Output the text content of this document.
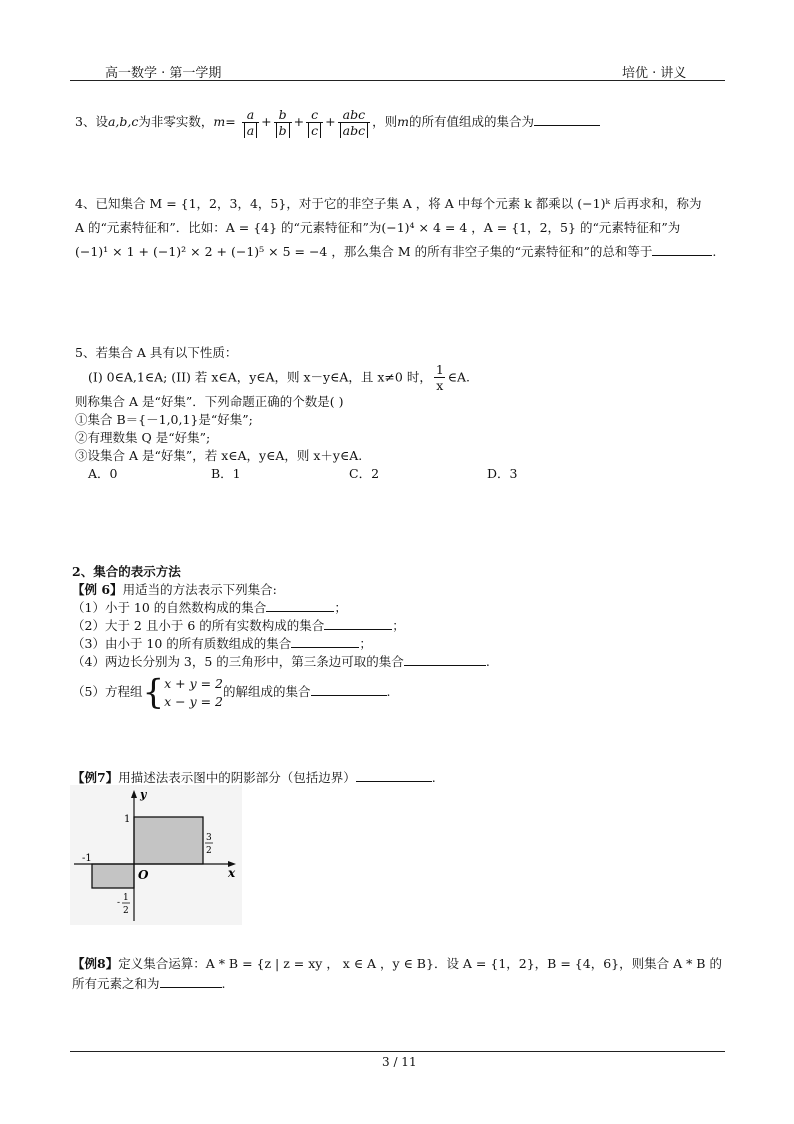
高一数学 · 第一学期	培优 · 讲义
3、设a,b,c为非零实数，$m= \frac{a}{a} + \frac{b}{b} + \frac{c}{c} + \frac{\text{abc}}{\text{abc}}$ ，则m的所有值组成的集合为
4、已知集合 M = {1，2，3，4，5}，对于它的非空子集 A ，将 A 中每个元素 k 都乘以 (−1)ᵏ 后再求和，称为
A 的“元素特征和”．比如：A = {4} 的“元素特征和”为(−1)⁴ × 4 = 4 ，A = {1，2，5} 的“元素特征和”为
(−1)¹ × 1 + (−1)² × 2 + (−1)⁵ × 5 = −4 ，那么集合 M 的所有非空子集的“元素特征和”的总和等于	.
5、若集合 A 具有以下性质：
(I) 0∈A,1∈A; (II) 若 x∈A，y∈A，则 x－y∈A，且 x≠0 时， $\frac{1}{x}$ ∈A.
则称集合 A 是“好集”．下列命题正确的个数是( )
①集合 B＝{－1,0,1}是“好集”;
②有理数集 Q 是“好集”;
③设集合 A 是“好集”，若 x∈A，y∈A，则 x＋y∈A.
A．0	B．1	C．2	D．3
2、集合的表示方法
【例 6】用适当的方法表示下列集合:
（1）小于 10 的自然数构成的集合	；
（2）大于 2 且小于 6 的所有实数构成的集合	；
（3）由小于 10 的所有质数组成的集合	；
（4）两边长分别为 3，5 的三角形中，第三条边可取的集合	.
（5）方程组{ x + y = 2
x − y = 2
的解组成的集合	.
【例7】用描述法表示图中的阴影部分（包括边界）	.
y
x
O
-1
1
3
2
- 1
2
【例8】定义集合运算：A * B = {z | z = xy ， x ∈ A ，y ∈ B}．设 A = {1，2}，B = {4，6}，则集合 A * B 的
所有元素之和为	.
3 / 11
